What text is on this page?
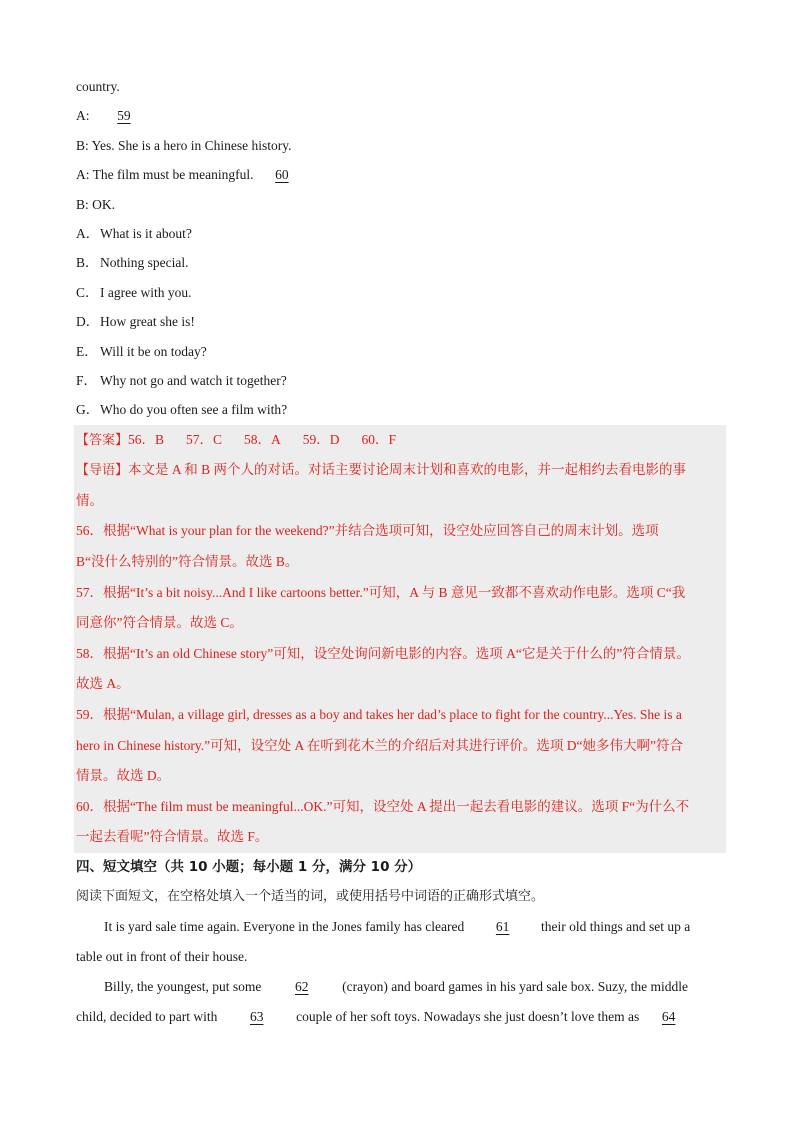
country.
A: 59
B: Yes. She is a hero in Chinese history.
A: The film must be meaningful. 60
B: OK.
A．What is it about?
B．Nothing special.
C．I agree with you.
D．How great she is!
E． Will it be on today?
F． Why not go and watch it together?
G．Who do you often see a film with?
【答案】56．B 57．C 58．A 59．D 60．F
【导语】本文是 A 和 B 两个人的对话。对话主要讨论周末计划和喜欢的电影，并一起相约去看电影的事
情。
56．根据“What is your plan for the weekend?”并结合选项可知，设空处应回答自己的周末计划。选项
B“没什么特别的”符合情景。故选 B。
57．根据“It’s a bit noisy...And I like cartoons better.”可知，A 与 B 意见一致都不喜欢动作电影。选项 C“我
同意你”符合情景。故选 C。
58．根据“It’s an old Chinese story”可知，设空处询问新电影的内容。选项 A“它是关于什么的”符合情景。
故选 A。
59．根据“Mulan, a village girl, dresses as a boy and takes her dad’s place to fight for the country...Yes. She is a
hero in Chinese history.”可知，设空处 A 在听到花木兰的介绍后对其进行评价。选项 D“她多伟大啊”符合
情景。故选 D。
60．根据“The film must be meaningful...OK.”可知，设空处 A 提出一起去看电影的建议。选项 F“为什么不
一起去看呢”符合情景。故选 F。
四、短文填空（共 10 小题；每小题 1 分，满分 10 分）
阅读下面短文，在空格处填入一个适当的词，或使用括号中词语的正确形式填空。
It is yard sale time again. Everyone in the Jones family has cleared 61 their old things and set up a
table out in front of their house.
Billy, the youngest, put some 62 (crayon) and board games in his yard sale box. Suzy, the middle
child, decided to part with 63 couple of her soft toys. Nowadays she just doesn’t love them as 64
